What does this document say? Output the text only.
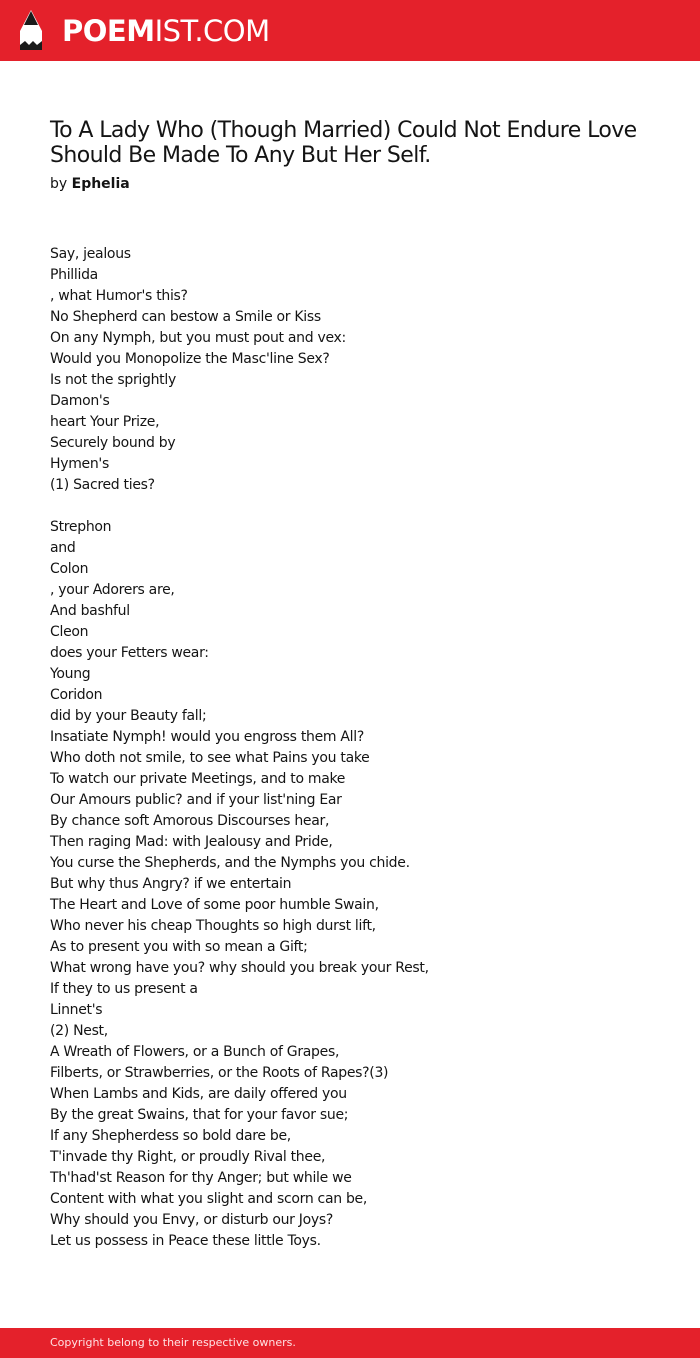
POEMIST.COM
To A Lady Who (Though Married) Could Not Endure Love Should Be Made To Any But Her Self.
by Ephelia
Say, jealous
Phillida
, what Humor's this?
No Shepherd can bestow a Smile or Kiss
On any Nymph, but you must pout and vex:
Would you Monopolize the Masc'line Sex?
Is not the sprightly
Damon's
heart Your Prize,
Securely bound by
Hymen's
(1) Sacred ties?
Strephon
and
Colon
, your Adorers are,
And bashful
Cleon
does your Fetters wear:
Young
Coridon
did by your Beauty fall;
Insatiate Nymph! would you engross them All?
Who doth not smile, to see what Pains you take
To watch our private Meetings, and to make
Our Amours public? and if your list'ning Ear
By chance soft Amorous Discourses hear,
Then raging Mad: with Jealousy and Pride,
You curse the Shepherds, and the Nymphs you chide.
But why thus Angry? if we entertain
The Heart and Love of some poor humble Swain,
Who never his cheap Thoughts so high durst lift,
As to present you with so mean a Gift;
What wrong have you? why should you break your Rest,
If they to us present a
Linnet's
(2) Nest,
A Wreath of Flowers, or a Bunch of Grapes,
Filberts, or Strawberries, or the Roots of Rapes?(3)
When Lambs and Kids, are daily offered you
By the great Swains, that for your favor sue;
If any Shepherdess so bold dare be,
T'invade thy Right, or proudly Rival thee,
Th'had'st Reason for thy Anger; but while we
Content with what you slight and scorn can be,
Why should you Envy, or disturb our Joys?
Let us possess in Peace these little Toys.
Copyright belong to their respective owners.
